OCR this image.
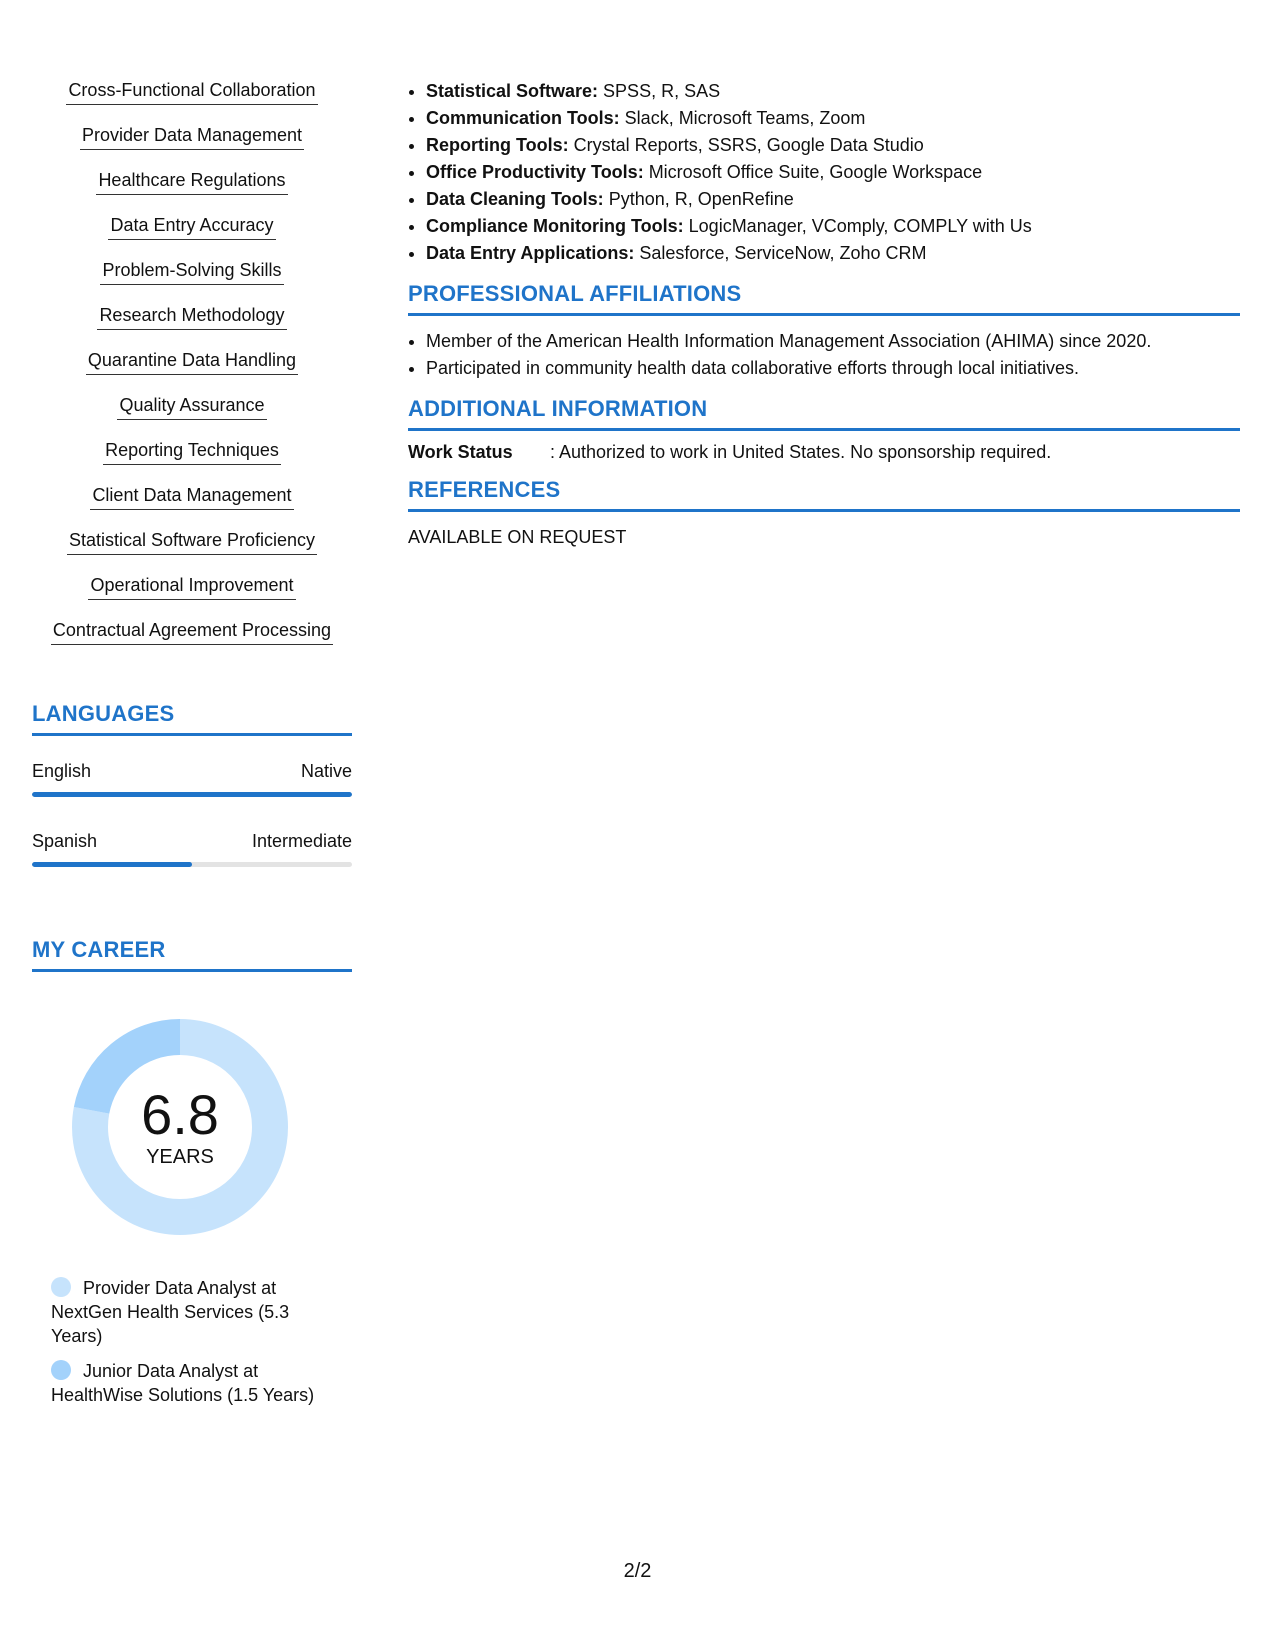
Cross-Functional Collaboration
Provider Data Management
Healthcare Regulations
Data Entry Accuracy
Problem-Solving Skills
Research Methodology
Quarantine Data Handling
Quality Assurance
Reporting Techniques
Client Data Management
Statistical Software Proficiency
Operational Improvement
Contractual Agreement Processing
LANGUAGES
English	Native
Spanish	Intermediate
MY CAREER
6.8
YEARS
Provider Data Analyst at NextGen Health Services (5.3 Years)
Junior Data Analyst at HealthWise Solutions (1.5 Years)
• Statistical Software: SPSS, R, SAS
• Communication Tools: Slack, Microsoft Teams, Zoom
• Reporting Tools: Crystal Reports, SSRS, Google Data Studio
• Office Productivity Tools: Microsoft Office Suite, Google Workspace
• Data Cleaning Tools: Python, R, OpenRefine
• Compliance Monitoring Tools: LogicManager, VComply, COMPLY with Us
• Data Entry Applications: Salesforce, ServiceNow, Zoho CRM
PROFESSIONAL AFFILIATIONS
• Member of the American Health Information Management Association (AHIMA) since 2020.
• Participated in community health data collaborative efforts through local initiatives.
ADDITIONAL INFORMATION
Work Status	: Authorized to work in United States. No sponsorship required.
REFERENCES
AVAILABLE ON REQUEST
2/2
